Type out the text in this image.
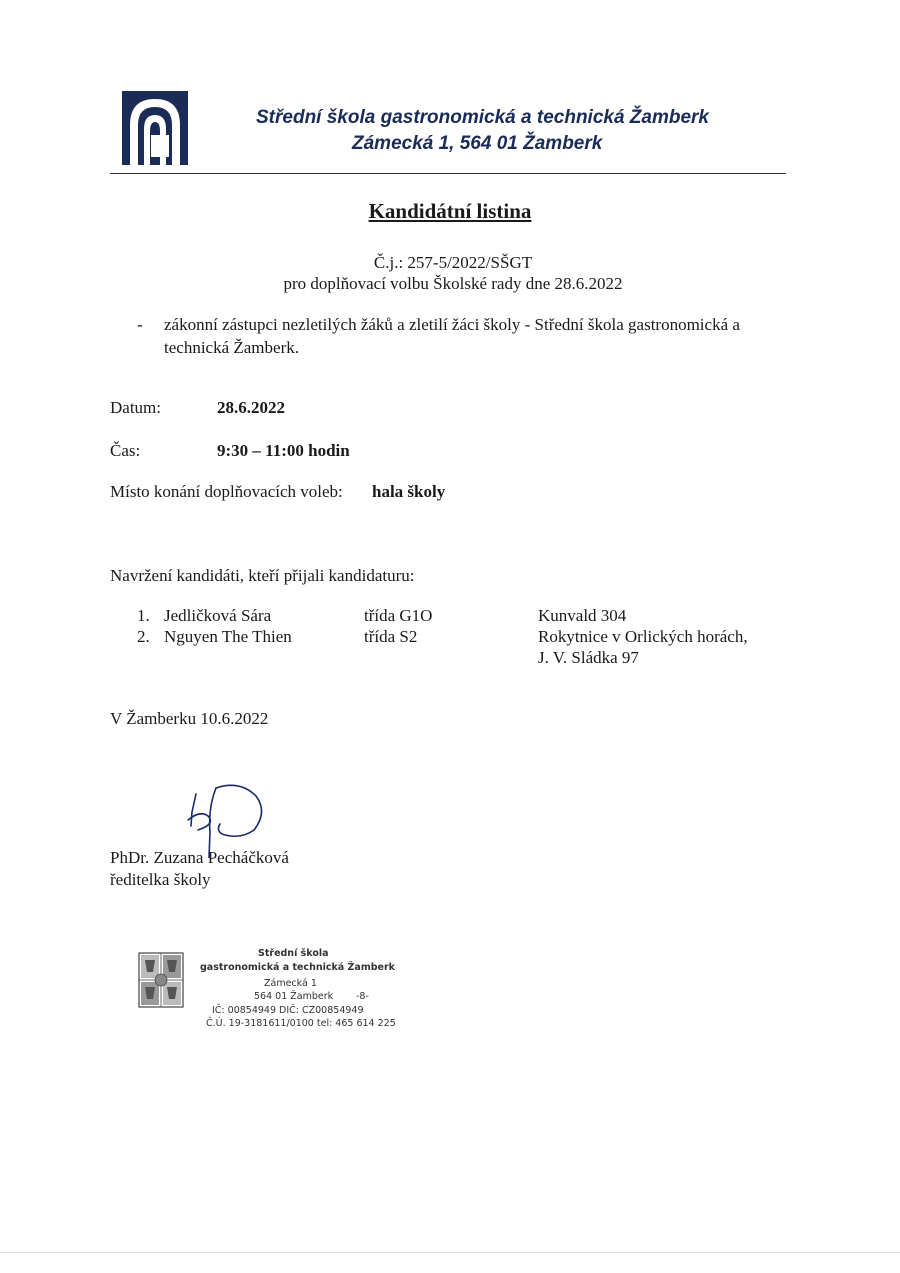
Střední škola gastronomická a technická Žamberk
Zámecká 1, 564 01 Žamberk
Kandidátní listina
Č.j.: 257-5/2022/SŠGT
pro doplňovací volbu Školské rady dne 28.6.2022
- zákonní zástupci nezletilých žáků a zletilí žáci školy - Střední škola gastronomická a
technická Žamberk.
Datum:	28.6.2022
Čas:	9:30 – 11:00 hodin
Místo konání doplňovacích voleb: hala školy
Navržení kandidáti, kteří přijali kandidaturu:
1. Jedličková Sára	třída G1O	Kunvald 304
2. Nguyen The Thien	třída S2	Rokytnice v Orlických horách,
J. V. Sládka 97
V Žamberku 10.6.2022
PhDr. Zuzana Pecháčková
ředitelka školy
Střední škola
gastronomická a technická Žamberk
Zámecká 1
564 01 Žamberk -8-
IČ: 00854949 DIČ: CZ00854949
Č.Ú. 19-3181611/0100 tel: 465 614 225
